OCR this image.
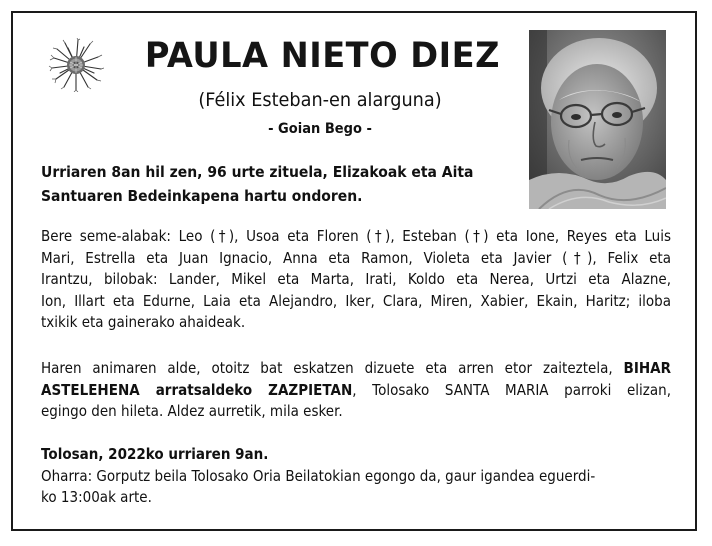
PAULA NIETO DIEZ
(Félix Esteban-en alarguna)
- Goian Bego -
Urriaren 8an hil zen, 96 urte zituela, Elizakoak eta Aita
Santuaren Bedeinkapena hartu ondoren.
Bere seme-alabak: Leo (†), Usoa eta Floren (†), Esteban (†) eta Ione, Reyes eta Luis
Mari, Estrella eta Juan Ignacio, Anna eta Ramon, Violeta eta Javier (†), Felix eta
Irantzu, bilobak: Lander, Mikel eta Marta, Irati, Koldo eta Nerea, Urtzi eta Alazne,
Ion, Illart eta Edurne, Laia eta Alejandro, Iker, Clara, Miren, Xabier, Ekain, Haritz; iloba
txikik eta gainerako ahaideak.
Haren animaren alde, otoitz bat eskatzen dizuete eta arren etor zaiteztela, BIHAR
ASTELEHENA arratsaldeko ZAZPIETAN, Tolosako SANTA MARIA parroki elizan,
egingo den hileta. Aldez aurretik, mila esker.
Tolosan, 2022ko urriaren 9an.
Oharra: Gorputz beila Tolosako Oria Beilatokian egongo da, gaur igandea eguerdi-
ko 13:00ak arte.
